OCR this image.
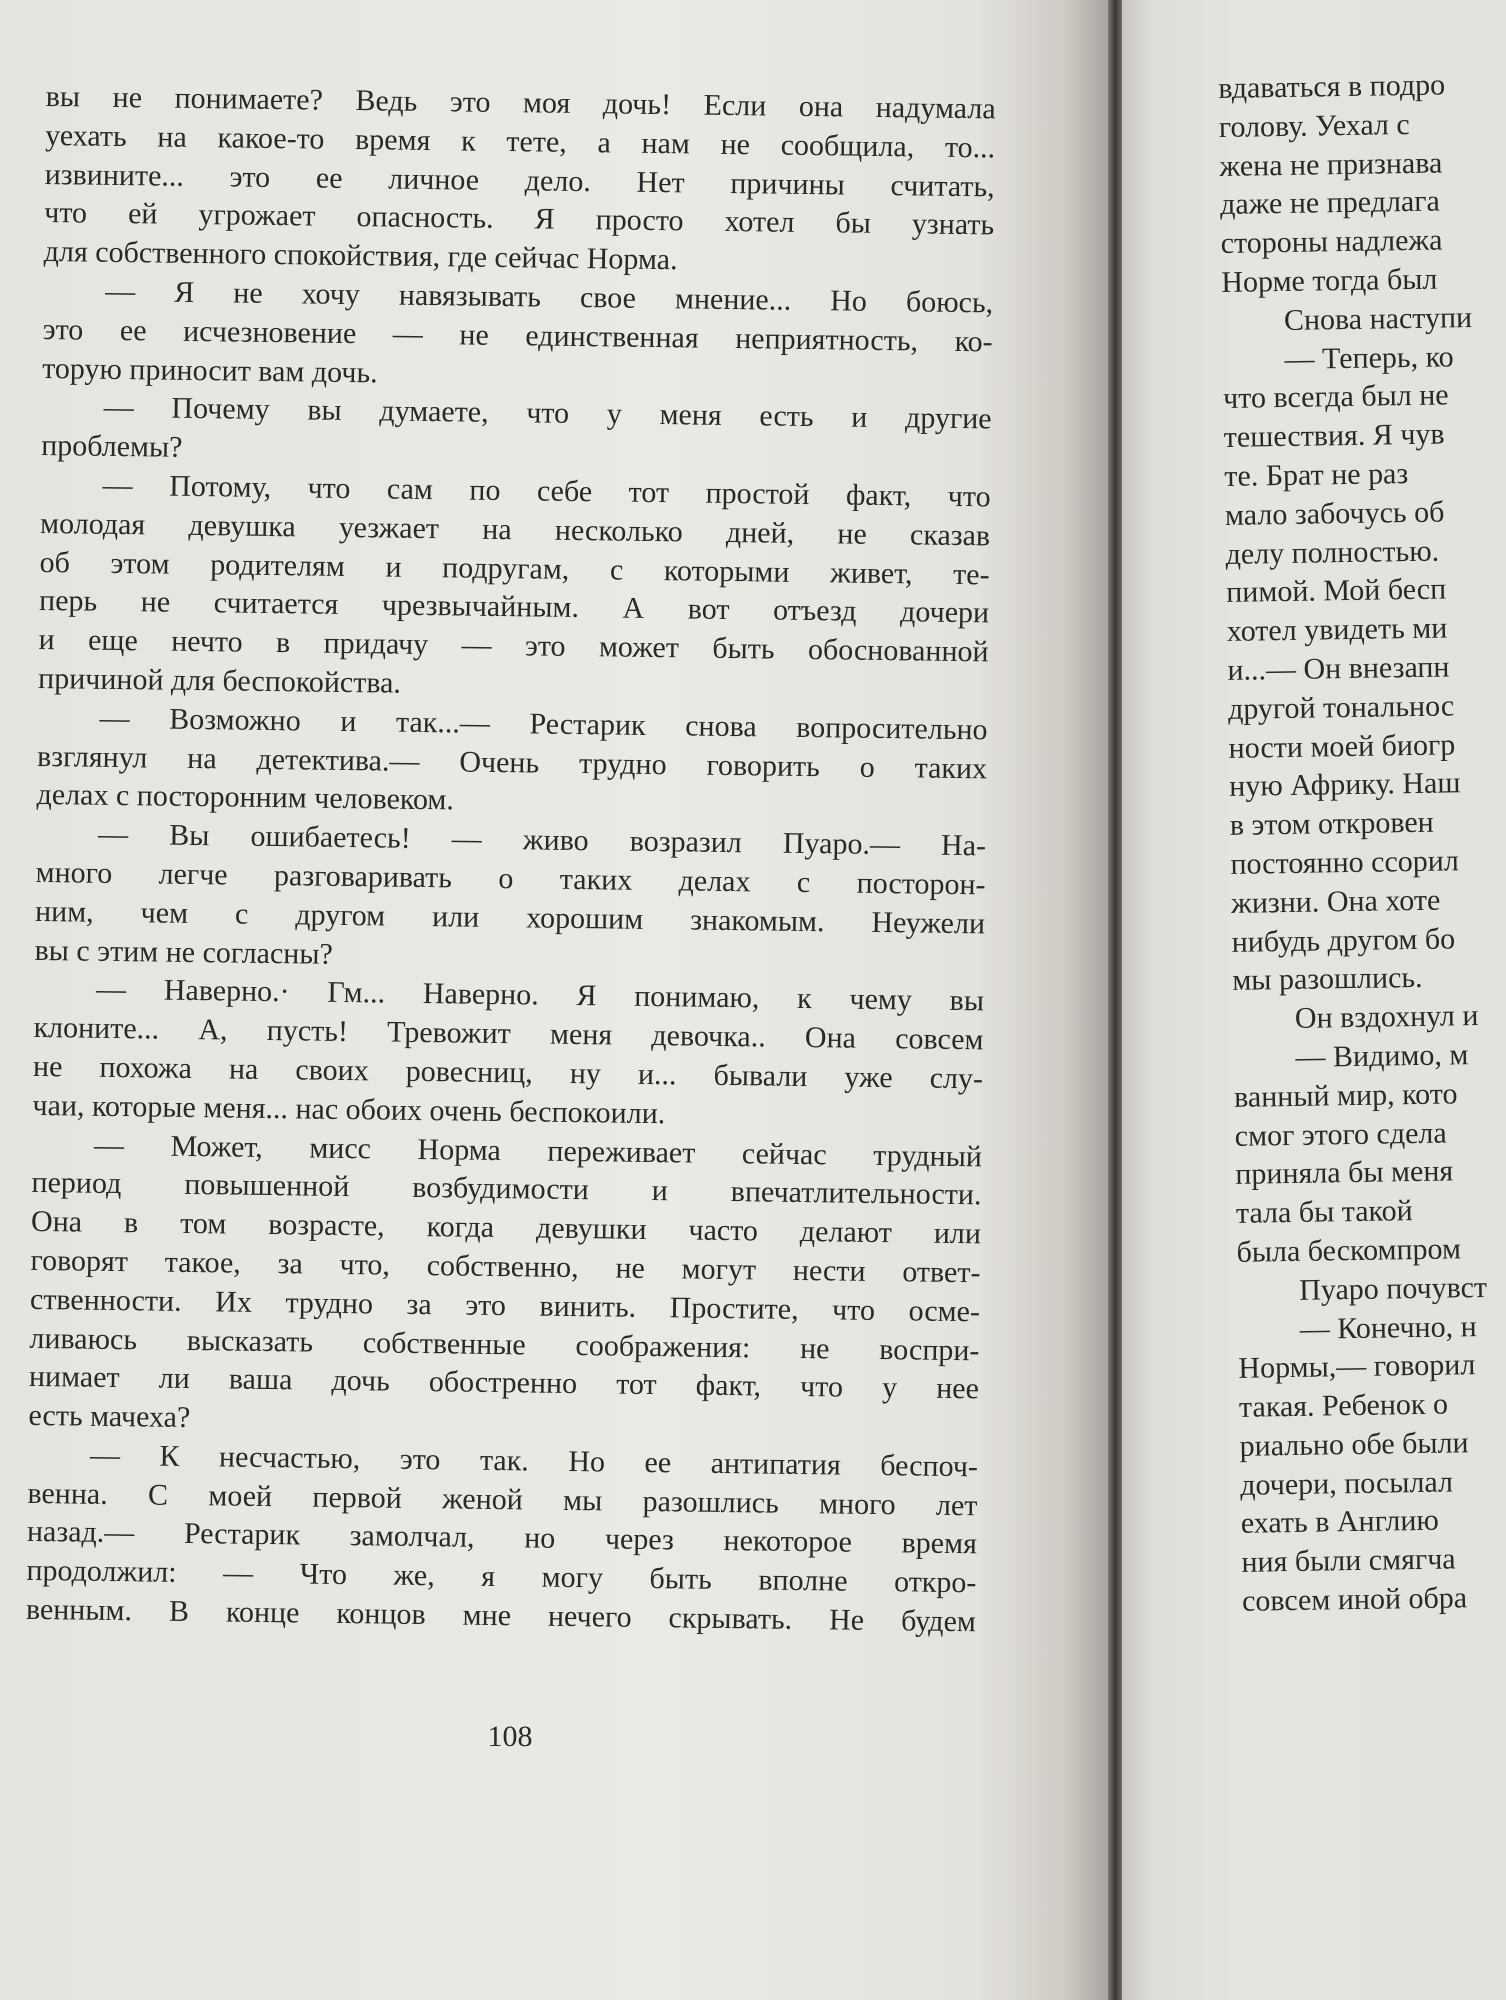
вы не понимаете? Ведь это моя дочь! Если она надумала
уехать на какое-то время к тете, а нам не сообщила, то...
извините... это ее личное дело. Нет причины считать,
что ей угрожает опасность. Я просто хотел бы узнать
для собственного спокойствия, где сейчас Норма.
— Я не хочу навязывать свое мнение... Но боюсь,
это ее исчезновение — не единственная неприятность, ко-
торую приносит вам дочь.
— Почему вы думаете, что у меня есть и другие
проблемы?
— Потому, что сам по себе тот простой факт, что
молодая девушка уезжает на несколько дней, не сказав
об этом родителям и подругам, с которыми живет, те-
перь не считается чрезвычайным. А вот отъезд дочери
и еще нечто в придачу — это может быть обоснованной
причиной для беспокойства.
— Возможно и так...— Рестарик снова вопросительно
взглянул на детектива.— Очень трудно говорить о таких
делах с посторонним человеком.
— Вы ошибаетесь! — живо возразил Пуаро.— На-
много легче разговаривать о таких делах с посторон-
ним, чем с другом или хорошим знакомым. Неужели
вы с этим не согласны?
— Наверно.· Гм... Наверно. Я понимаю, к чему вы
клоните... А, пусть! Тревожит меня девочка.. Она совсем
не похожа на своих ровесниц, ну и... бывали уже слу-
чаи, которые меня... нас обоих очень беспокоили.
— Может, мисс Норма переживает сейчас трудный
период повышенной возбудимости и впечатлительности.
Она в том возрасте, когда девушки часто делают или
говорят такое, за что, собственно, не могут нести ответ-
ственности. Их трудно за это винить. Простите, что осме-
ливаюсь высказать собственные соображения: не воспри-
нимает ли ваша дочь обостренно тот факт, что у нее
есть мачеха?
— К несчастью, это так. Но ее антипатия беспоч-
венна. С моей первой женой мы разошлись много лет
назад.— Рестарик замолчал, но через некоторое время
продолжил: — Что же, я могу быть вполне откро-
венным. В конце концов мне нечего скрывать. Не будем
108
вдаваться в подро
голову. Уехал с
жена не признава
даже не предлага
стороны надлежа
Норме тогда был
Снова наступи
— Теперь, ко
что всегда был не
тешествия. Я чув
те. Брат не раз
мало забочусь об
делу полностью.
пимой. Мой бесп
хотел увидеть ми
и...— Он внезапн
другой тональнос
ности моей биогр
ную Африку. Наш
в этом откровен
постоянно ссорил
жизни. Она хоте
нибудь другом бо
мы разошлись.
Он вздохнул и
— Видимо, м
ванный мир, кото
смог этого сдела
приняла бы меня
тала бы такой
была бескомпром
Пуаро почувст
— Конечно, н
Нормы,— говорил
такая. Ребенок о
риально обе были
дочери, посылал
ехать в Англию
ния были смягча
совсем иной обра
